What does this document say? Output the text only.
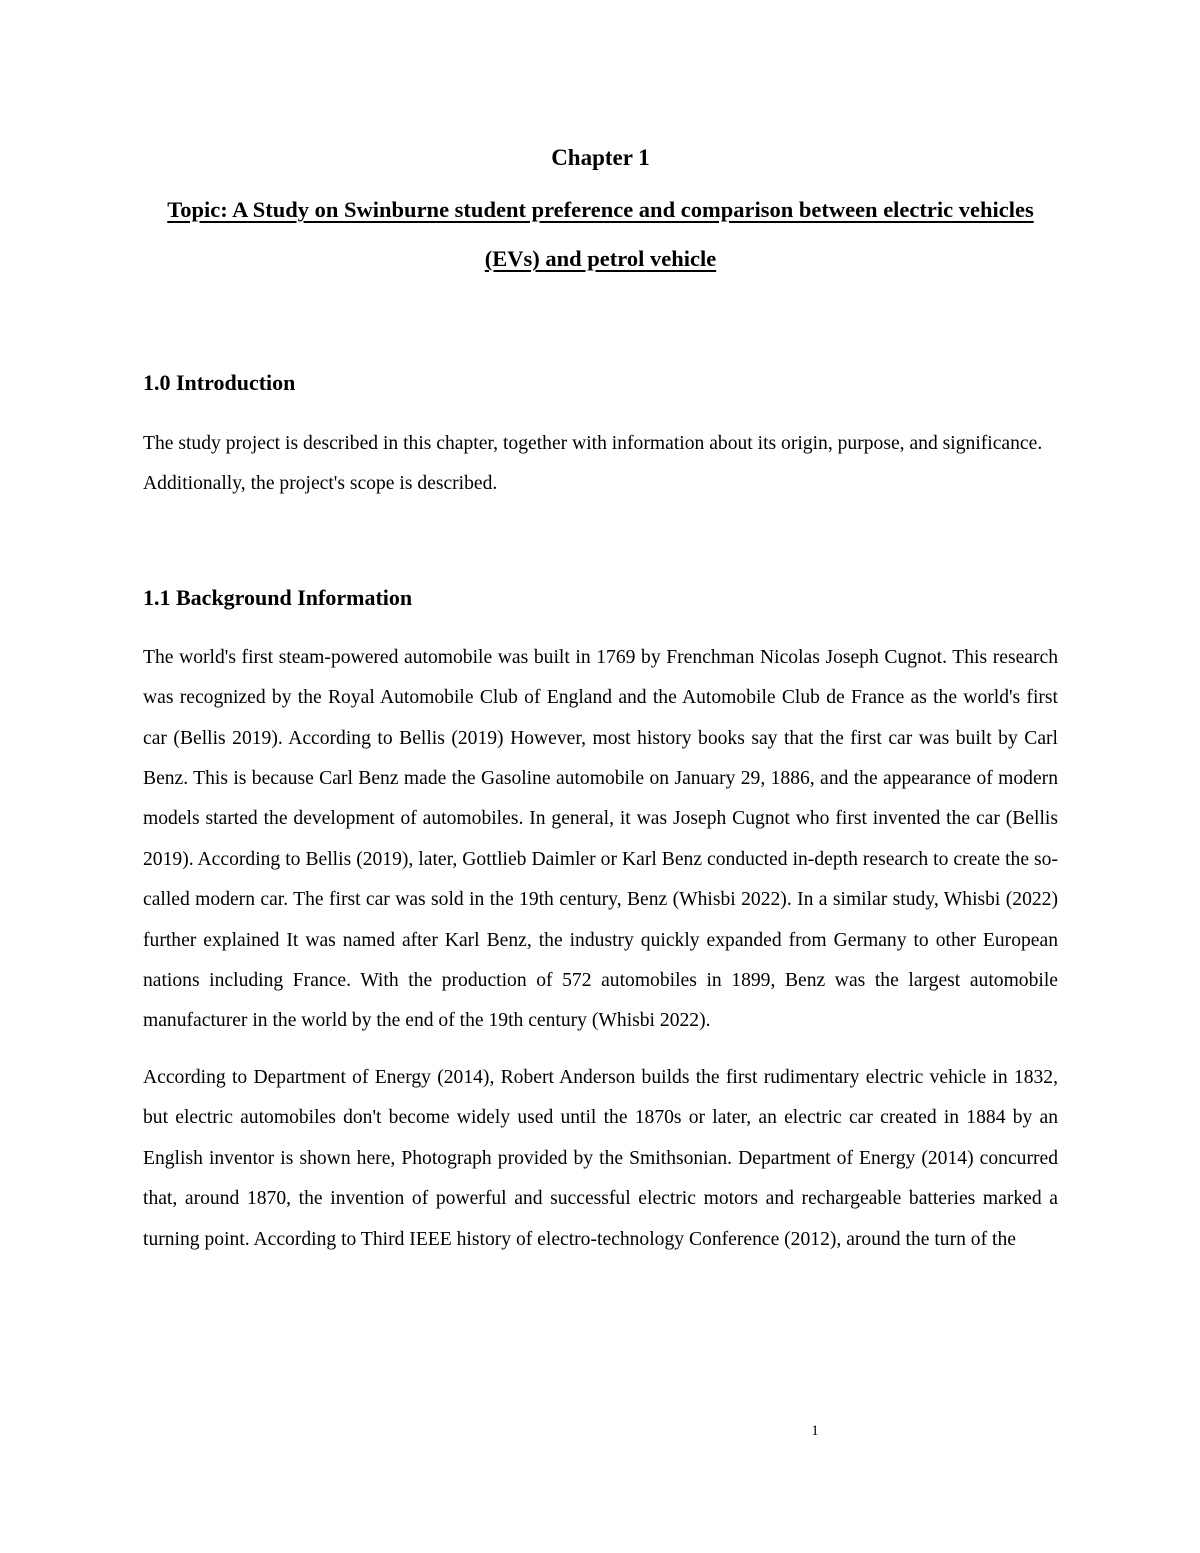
Chapter 1
Topic: A Study on Swinburne student preference and comparison between electric vehicles (EVs) and petrol vehicle
1.0 Introduction

The study project is described in this chapter, together with information about its origin, purpose, and significance. Additionally, the project's scope is described.

1.1 Background Information

The world's first steam-powered automobile was built in 1769 by Frenchman Nicolas Joseph Cugnot. This research was recognized by the Royal Automobile Club of England and the Automobile Club de France as the world's first car (Bellis 2019). According to Bellis (2019) However, most history books say that the first car was built by Carl Benz. This is because Carl Benz made the Gasoline automobile on January 29, 1886, and the appearance of modern models started the development of automobiles. In general, it was Joseph Cugnot who first invented the car (Bellis 2019). According to Bellis (2019), later, Gottlieb Daimler or Karl Benz conducted in-depth research to create the so-called modern car. The first car was sold in the 19th century, Benz (Whisbi 2022). In a similar study, Whisbi (2022) further explained It was named after Karl Benz, the industry quickly expanded from Germany to other European nations including France. With the production of 572 automobiles in 1899, Benz was the largest automobile manufacturer in the world by the end of the 19th century (Whisbi 2022).

According to Department of Energy (2014), Robert Anderson builds the first rudimentary electric vehicle in 1832, but electric automobiles don't become widely used until the 1870s or later, an electric car created in 1884 by an English inventor is shown here, Photograph provided by the Smithsonian. Department of Energy (2014) concurred that, around 1870, the invention of powerful and successful electric motors and rechargeable batteries marked a turning point. According to Third IEEE history of electro-technology Conference (2012), around the turn of the

1
